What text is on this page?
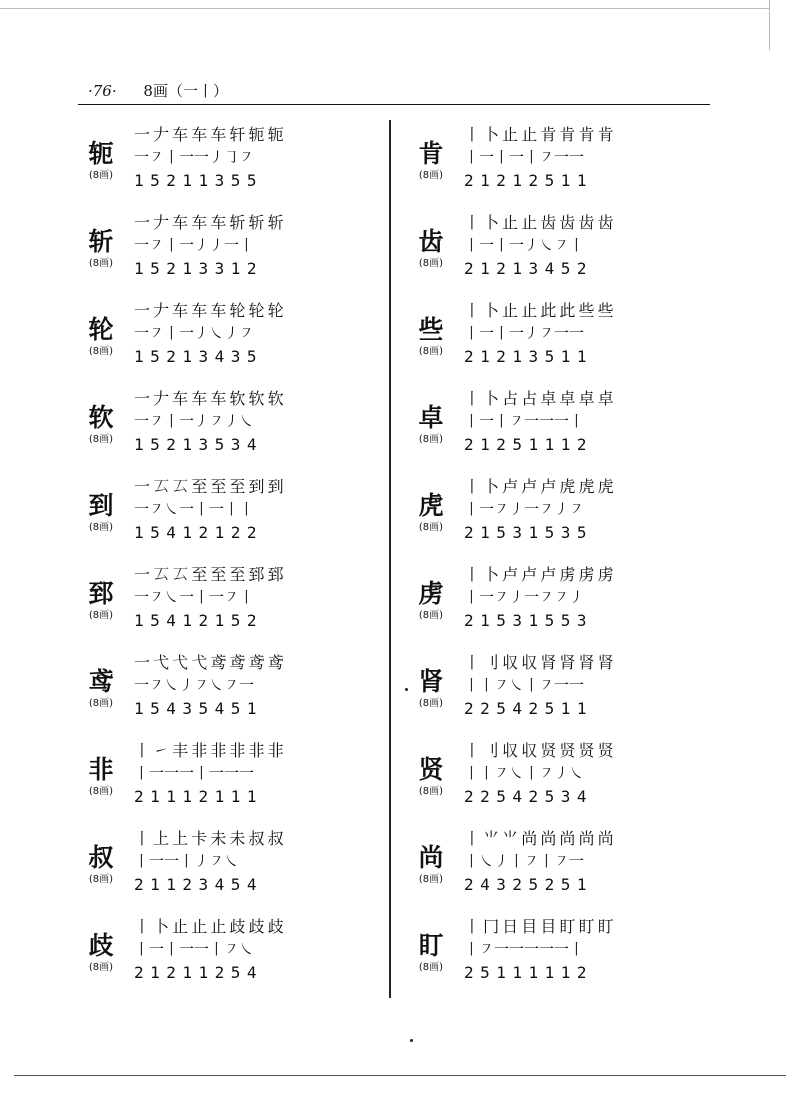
·76· 8画（一丨）
轭
(8画)
一 𠂇 车 车 车 轩 轭 轭
一㇇丨一一㇓㇆㇇
15211355
斩
(8画)
一 𠂇 车 车 车 斩 斩 斩
一㇇丨一㇓㇓一丨
15213312
轮
(8画)
一 𠂇 车 车 车 轮 轮 轮
一㇇丨一㇓㇏㇓㇇
15213435
软
(8画)
一 𠂇 车 车 车 软 软 软
一㇇丨一㇓㇇㇓㇏
15213534
到
(8画)
一 𠫔 𠫔 至 至 至 到 到
一㇇㇏一丨一丨丨
15412122
郅
(8画)
一 𠫔 𠫔 至 至 至 郅 郅
一㇇㇏一丨一㇇丨
15412152
鸢
(8画)
一 弋 弋 弋 鸢 鸢 鸢 鸢
一㇇㇏㇓㇇㇏㇇一
15435451
非
(8画)
丨 ㇀ 丰 非 非 非 非 非
丨一一一丨一一一
21112111
叔
(8画)
丨 上 上 卡 未 未 叔 叔
丨一一丨㇓㇇㇏
21123454
歧
(8画)
丨 卜 止 止 止 歧 歧 歧
丨一丨一一丨㇇㇏
21211254
肯
(8画)
丨 卜 止 止 肯 肯 肯 肯
丨一丨一丨㇇一一
21212511
齿
(8画)
丨 卜 止 止 齿 齿 齿 齿
丨一丨一㇓㇏㇇丨
21213452
些
(8画)
丨 卜 止 止 此 此 些 些
丨一丨一㇓㇇一一
21213511
卓
(8画)
丨 卜 占 占 卓 卓 卓 卓
丨一丨㇇一一一丨
21251112
虎
(8画)
丨 卜 卢 卢 卢 虎 虎 虎
丨一㇇㇓一㇇㇓㇇
21531535
虏
(8画)
丨 卜 卢 卢 卢 虏 虏 虏
丨一㇇㇓一㇇㇇㇓
21531553
肾
(8画)
丨 刂 収 収 肾 肾 肾 肾
丨丨㇇㇏丨㇇一一
22542511
贤
(8画)
丨 刂 収 収 贤 贤 贤 贤
丨丨㇇㇏丨㇇㇓㇏
22542534
尚
(8画)
丨 ⺌ ⺌ 尚 尚 尚 尚 尚
丨㇏㇓丨㇇丨㇇一
24325251
盯
(8画)
丨 冂 日 目 目 盯 盯 盯
丨㇇一一一一一丨
25111112
